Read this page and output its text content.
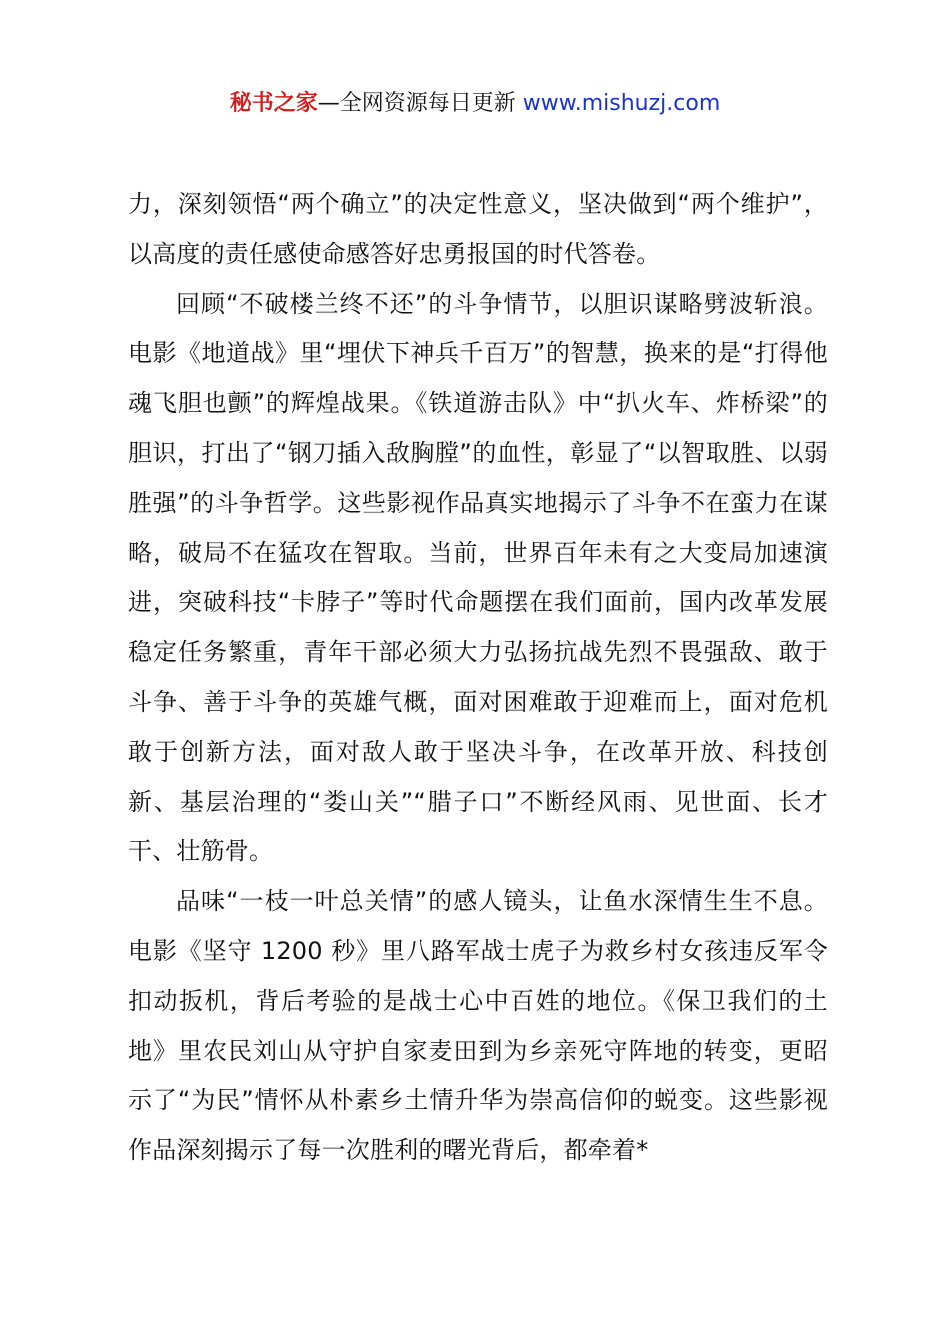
秘书之家—全网资源每日更新 www.mishuzj.com

力，深刻领悟“两个确立”的决定性意义，坚决做到“两个维护”，以高度的责任感使命感答好忠勇报国的时代答卷。

回顾“不破楼兰终不还”的斗争情节，以胆识谋略劈波斩浪。电影《地道战》里“埋伏下神兵千百万”的智慧，换来的是“打得他魂飞胆也颤”的辉煌战果。《铁道游击队》中“扒火车、炸桥梁”的胆识，打出了“钢刀插入敌胸膛”的血性，彰显了“以智取胜、以弱胜强”的斗争哲学。这些影视作品真实地揭示了斗争不在蛮力在谋略，破局不在猛攻在智取。当前，世界百年未有之大变局加速演进，突破科技“卡脖子”等时代命题摆在我们面前，国内改革发展稳定任务繁重，青年干部必须大力弘扬抗战先烈不畏强敌、敢于斗争、善于斗争的英雄气概，面对困难敢于迎难而上，面对危机敢于创新方法，面对敌人敢于坚决斗争，在改革开放、科技创新、基层治理的“娄山关”“腊子口”不断经风雨、见世面、长才干、壮筋骨。

品味“一枝一叶总关情”的感人镜头，让鱼水深情生生不息。电影《坚守 1200 秒》里八路军战士虎子为救乡村女孩违反军令扣动扳机，背后考验的是战士心中百姓的地位。《保卫我们的土地》里农民刘山从守护自家麦田到为乡亲死守阵地的转变，更昭示了“为民”情怀从朴素乡土情升华为崇高信仰的蜕变。这些影视作品深刻揭示了每一次胜利的曙光背后，都牵着*
